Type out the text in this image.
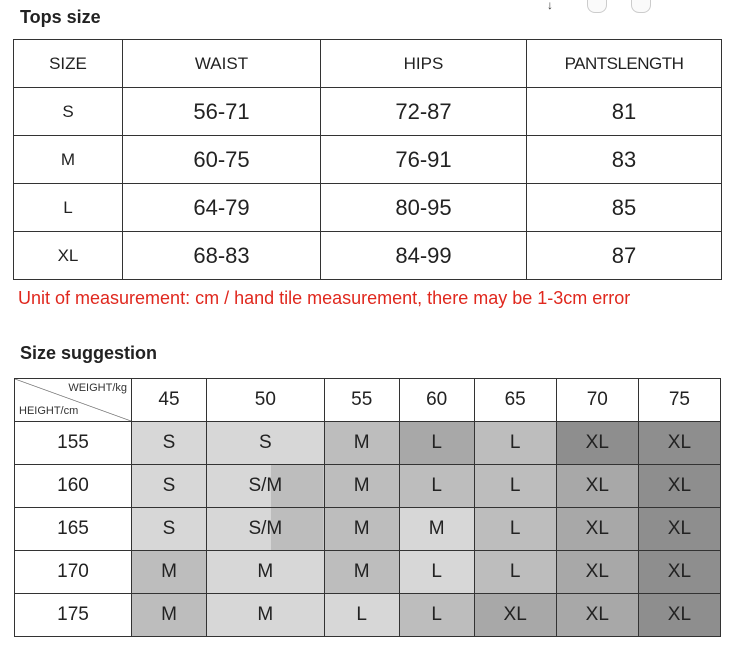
Tops size
↓
SIZE	WAIST	HIPS	PANTSLENGTH
S	56-71	72-87	81
M	60-75	76-91	83
L	64-79	80-95	85
XL	68-83	84-99	87
Unit of measurement: cm / hand tile measurement, there may be 1-3cm error
Size suggestion
WEIGHT/kg
HEIGHT/cm	45	50	55	60	65	70	75
155	S	S	M	L	L	XL	XL
160	S	S/M	M	L	L	XL	XL
165	S	S/M	M	M	L	XL	XL
170	M	M	M	L	L	XL	XL
175	M	M	L	L	XL	XL	XL
